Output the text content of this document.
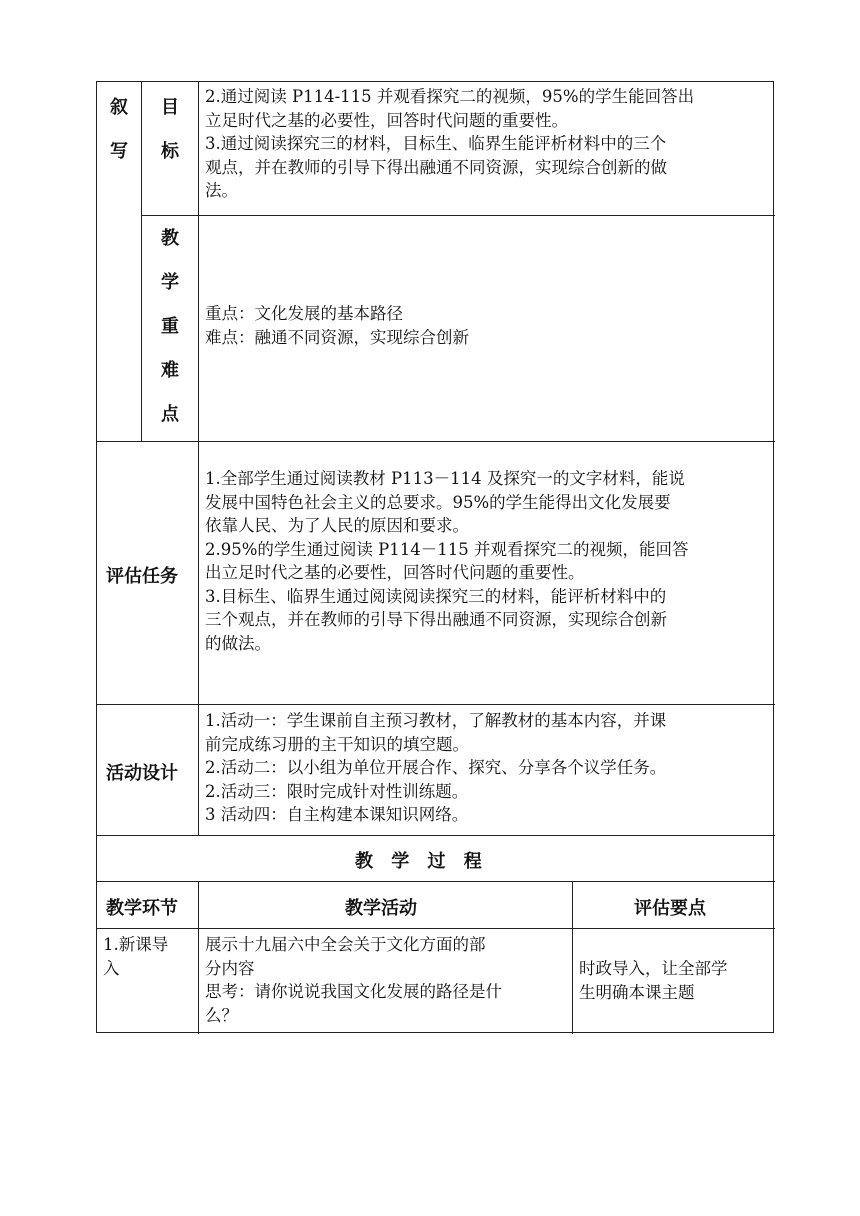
叙
写
目
标

2.通过阅读 P114-115 并观看探究二的视频，95%的学生能回答出

立足时代之基的必要性，回答时代问题的重要性。

3.通过阅读探究三的材料，目标生、临界生能评析材料中的三个

观点，并在教师的引导下得出融通不同资源，实现综合创新的做

法。

教
学
重
难
点

重点：文化发展的基本路径

难点：融通不同资源，实现综合创新

评估任务

1.全部学生通过阅读教材 P113－114 及探究一的文字材料，能说

发展中国特色社会主义的总要求。95%的学生能得出文化发展要

依靠人民、为了人民的原因和要求。

2.95%的学生通过阅读 P114－115 并观看探究二的视频，能回答

出立足时代之基的必要性，回答时代问题的重要性。

3.目标生、临界生通过阅读阅读探究三的材料，能评析材料中的

三个观点，并在教师的引导下得出融通不同资源，实现综合创新

的做法。

活动设计

1.活动一：学生课前自主预习教材，了解教材的基本内容，并课

前完成练习册的主干知识的填空题。

2.活动二：以小组为单位开展合作、探究、分享各个议学任务。

2.活动三：限时完成针对性训练题。

3 活动四：自主构建本课知识网络。

教 学 过 程
教学环节	教学活动	评估要点

1.新课导

入

展示十九届六中全会关于文化方面的部

分内容

思考：请你说说我国文化发展的路径是什

么？

时政导入，让全部学

生明确本课主题
